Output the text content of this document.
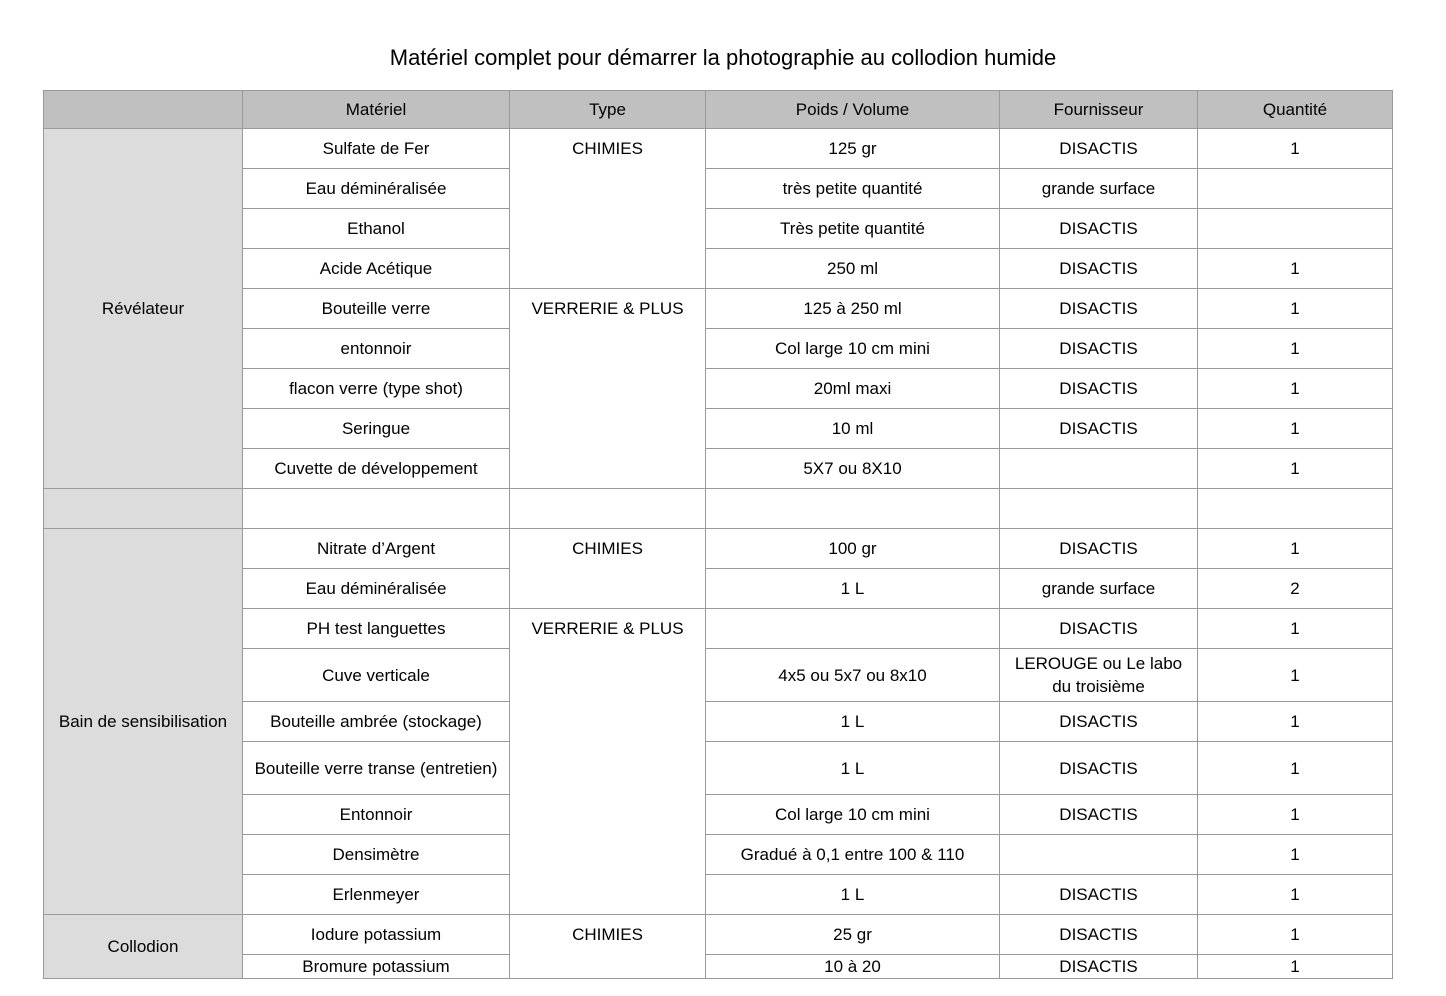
Matériel complet pour démarrer la photographie au collodion humide
	Matériel	Type	Poids / Volume	Fournisseur	Quantité
Révélateur	Sulfate de Fer	CHIMIES	125 gr	DISACTIS	1
	Eau déminéralisée		très petite quantité	grande surface	
	Ethanol		Très petite quantité	DISACTIS	
	Acide Acétique		250 ml	DISACTIS	1
	Bouteille verre	VERRERIE & PLUS	125 à 250 ml	DISACTIS	1
	entonnoir		Col large 10 cm mini	DISACTIS	1
	flacon verre (type shot)		20ml maxi	DISACTIS	1
	Seringue		10 ml	DISACTIS	1
	Cuvette de développement		5X7 ou 8X10		1

Bain de sensibilisation	Nitrate d’Argent	CHIMIES	100 gr	DISACTIS	1
	Eau déminéralisée		1 L	grande surface	2
	PH test languettes	VERRERIE & PLUS		DISACTIS	1
	Cuve verticale		4x5 ou 5x7 ou 8x10	LEROUGE ou Le labo du troisième	1
	Bouteille ambrée (stockage)		1 L	DISACTIS	1
	Bouteille verre transe (entretien)		1 L	DISACTIS	1
	Entonnoir		Col large 10 cm mini	DISACTIS	1
	Densimètre		Gradué à 0,1 entre 100 & 110		1
	Erlenmeyer		1 L	DISACTIS	1
Collodion	Iodure potassium	CHIMIES	25 gr	DISACTIS	1
	Bromure potassium		10 à 20	DISACTIS	1
